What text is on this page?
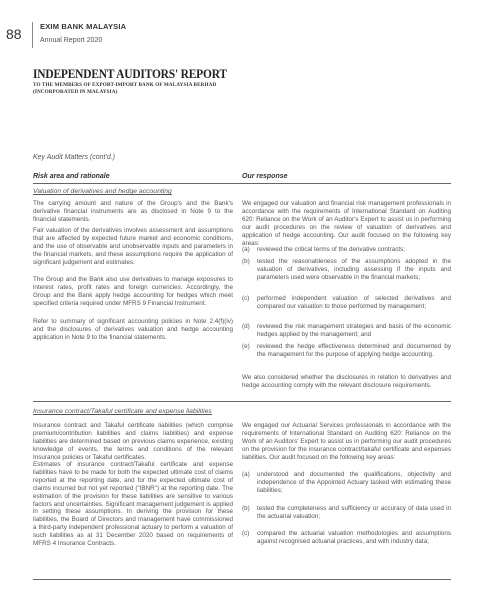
88 EXIM BANK MALAYSIA
Annual Report 2020
INDEPENDENT AUDITORS' REPORT
TO THE MEMBERS OF EXPORT-IMPORT BANK OF MALAYSIA BERHAD
(INCORPORATED IN MALAYSIA)
Key Audit Matters (cont'd.)
Risk area and rationale	Our response
Valuation of derivatives and hedge accounting
The carrying amount and nature of the Group's and the Bank's derivative financial instruments are as disclosed in Note 9 to the financial statements.
Fair valuation of the derivatives involves assessment and assumptions that are affected by expected future market and economic conditions, and the use of observable and unobservable inputs and parameters in the financial markets, and these assumptions require the application of significant judgement and estimates.
The Group and the Bank also use derivatives to manage exposures to interest rates, profit rates and foreign currencies. Accordingly, the Group and the Bank apply hedge accounting for hedges which meet specified criteria required under MFRS 9 Financial Instrument.
Refer to summary of significant accounting policies in Note 2.4(f)(iv) and the disclosures of derivatives valuation and hedge accounting application in Note 9 to the financial statements.
We engaged our valuation and financial risk management professionals in accordance with the requirements of International Standard on Auditing 620: Reliance on the Work of an Auditor's Expert to assist us in performing our audit procedures on the review of valuation of derivatives and application of hedge accounting. Our audit focused on the following key areas:
(a) reviewed the critical terms of the derivative contracts;
(b) tested the reasonableness of the assumptions adopted in the valuation of derivatives, including assessing if the inputs and parameters used were observable in the financial markets;
(c) performed independent valuation of selected derivatives and compared our valuation to those performed by management;
(d) reviewed the risk management strategies and basis of the economic hedges applied by the management; and
(e) reviewed the hedge effectiveness determined and documented by the management for the purpose of applying hedge accounting.
We also considered whether the disclosures in relation to derivatives and hedge accounting comply with the relevant disclosure requirements.
Insurance contract/Takaful certificate and expense liabilities
Insurance contract and Takaful certificate liabilities (which comprise premium/contribution liabilities and claims liabilities) and expense liabilities are determined based on previous claims experience, existing knowledge of events, the terms and conditions of the relevant Insurance policies or Takaful certificates.
Estimates of insurance contract/Takaful certificate and expense liabilities have to be made for both the expected ultimate cost of claims reported at the reporting date, and for the expected ultimate cost of claims incurred but not yet reported ("IBNR") at the reporting date. The estimation of the provision for these liabilities are sensitive to various factors and uncertainties. Significant management judgement is applied in setting these assumptions. In deriving the provision for these liabilities, the Board of Directors and management have commissioned a third-party independent professional actuary to perform a valuation of such liabilities as at 31 December 2020 based on requirements of MFRS 4 Insurance Contracts.
We engaged our Actuarial Services professionals in accordance with the requirements of International Standard on Auditing 620: Reliance on the Work of an Auditors' Expert to assist us in performing our audit procedures on the provision for the insurance contract/takaful certificate and expenses liabilities. Our audit focused on the following key areas:
(a) understood and documented the qualifications, objectivity and independence of the Appointed Actuary tasked with estimating these liabilities;
(b) tested the completeness and sufficiency or accuracy of data used in the actuarial valuation;
(c) compared the actuarial valuation methodologies and assumptions against recognised actuarial practices, and with industry data;
